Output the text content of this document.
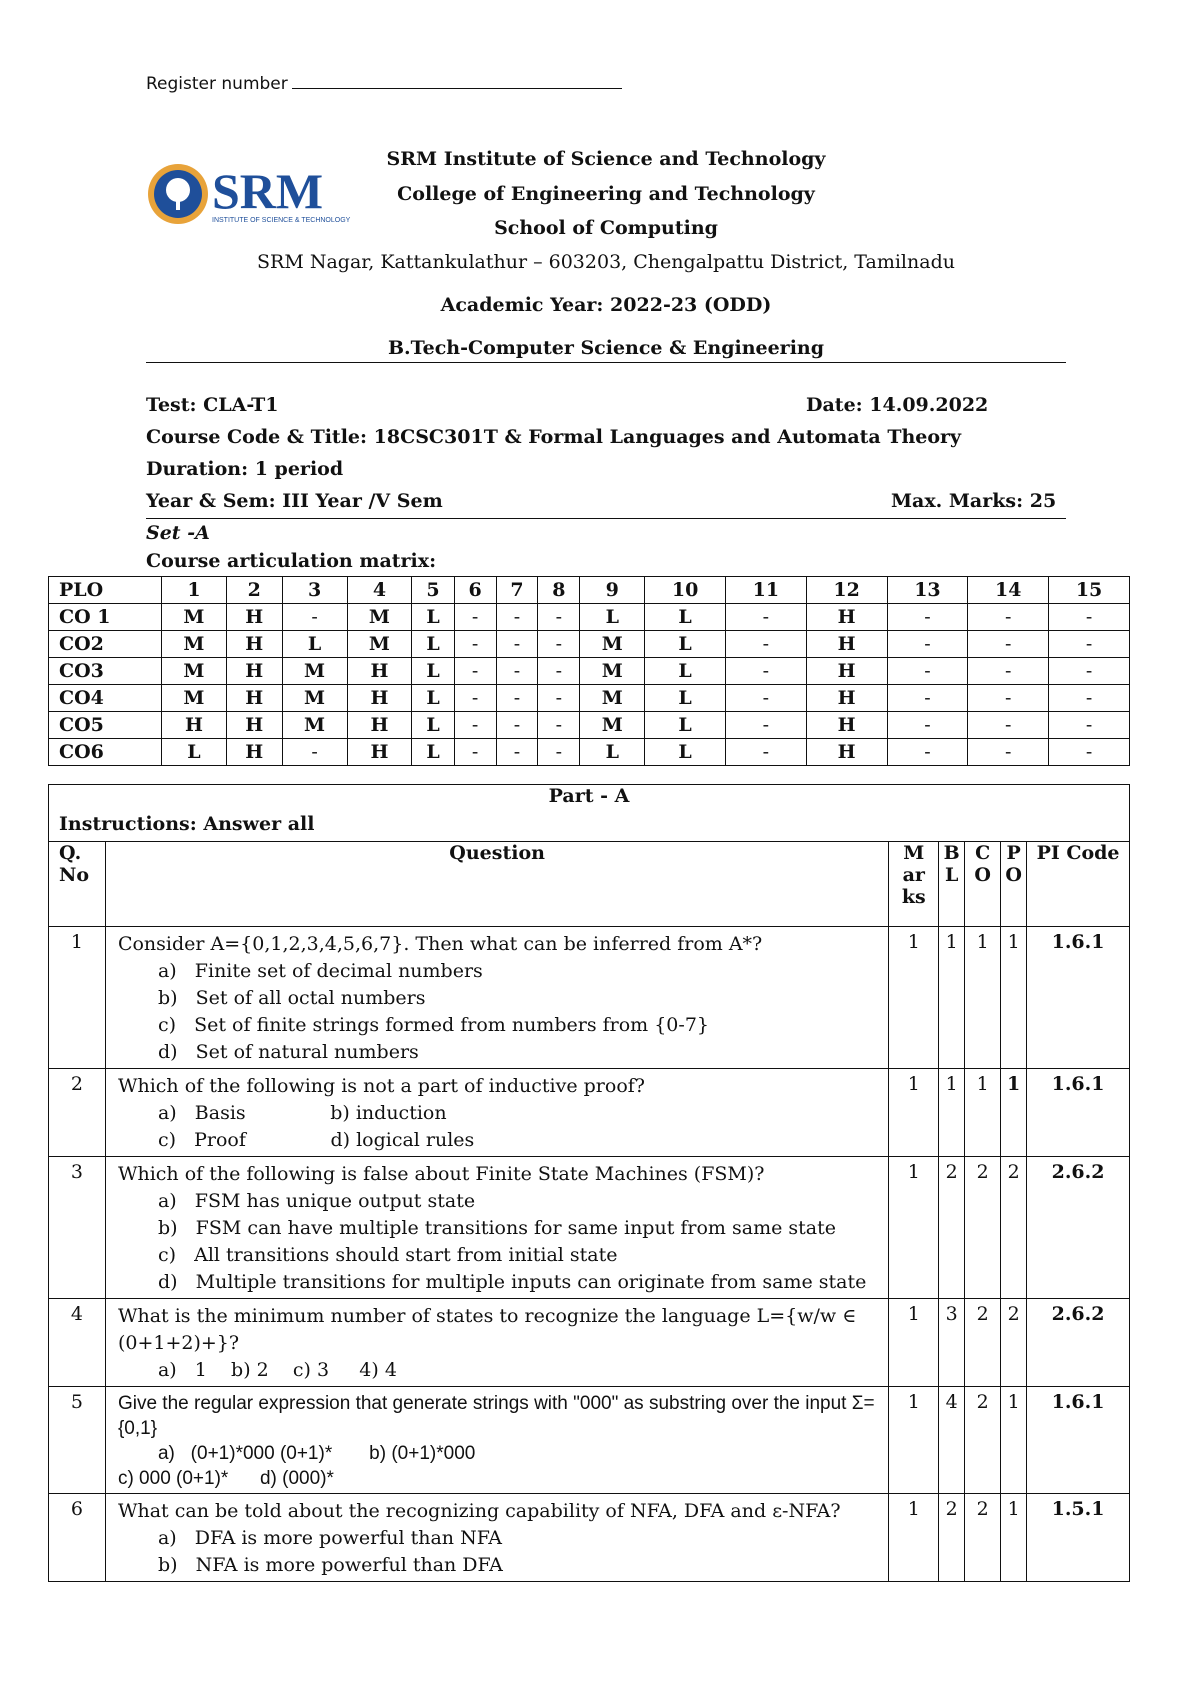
Register number
SRM
INSTITUTE OF SCIENCE & TECHNOLOGY
SRM Institute of Science and Technology
College of Engineering and Technology
School of Computing
SRM Nagar, Kattankulathur – 603203, Chengalpattu District, Tamilnadu
Academic Year: 2022-23 (ODD)
B.Tech-Computer Science & Engineering
Test: CLA-T1	Date: 14.09.2022
Course Code & Title: 18CSC301T & Formal Languages and Automata Theory
Duration: 1 period
Year & Sem: III Year /V Sem	Max. Marks: 25
Set -A
Course articulation matrix:
PLO	1	2	3	4	5	6	7	8	9	10	11	12	13	14	15
CO 1	M	H	-	M	L	-	-	-	L	L	-	H	-	-	-
CO2	M	H	L	M	L	-	-	-	M	L	-	H	-	-	-
CO3	M	H	M	H	L	-	-	-	M	L	-	H	-	-	-
CO4	M	H	M	H	L	-	-	-	M	L	-	H	-	-	-
CO5	H	H	M	H	L	-	-	-	M	L	-	H	-	-	-
CO6	L	H	-	H	L	-	-	-	L	L	-	H	-	-	-
Part - A						
Instructions: Answer all						
Q. No	Question	M ar ks	B L	C O	P O	PI Code
1	Consider A={0,1,2,3,4,5,6,7}. Then what can be inferred from A*?
a)   Finite set of decimal numbers
b)   Set of all octal numbers
c)   Set of finite strings formed from numbers from {0-7}
d)   Set of natural numbers	1	1	1	1	1.6.1
2	Which of the following is not a part of inductive proof?
a)   Basis              b) induction
c)   Proof              d) logical rules	1	1	1	1	1.6.1
3	Which of the following is false about Finite State Machines (FSM)?
a)   FSM has unique output state
b)   FSM can have multiple transitions for same input from same state
c)   All transitions should start from initial state
d)   Multiple transitions for multiple inputs can originate from same state	1	2	2	2	2.6.2
4	What is the minimum number of states to recognize the language L={w/w ∈ (0+1+2)+}?
a)   1    b) 2    c) 3     4) 4	1	3	2	2	2.6.2
5	Give the regular expression that generate strings with "000" as substring over the input Σ={0,1}
a)   (0+1)*000 (0+1)*       b) (0+1)*000
c) 000 (0+1)*      d) (000)*	1	4	2	1	1.6.1
6	What can be told about the recognizing capability of NFA, DFA and ε-NFA?
a)   DFA is more powerful than NFA
b)   NFA is more powerful than DFA	1	2	2	1	1.5.1
